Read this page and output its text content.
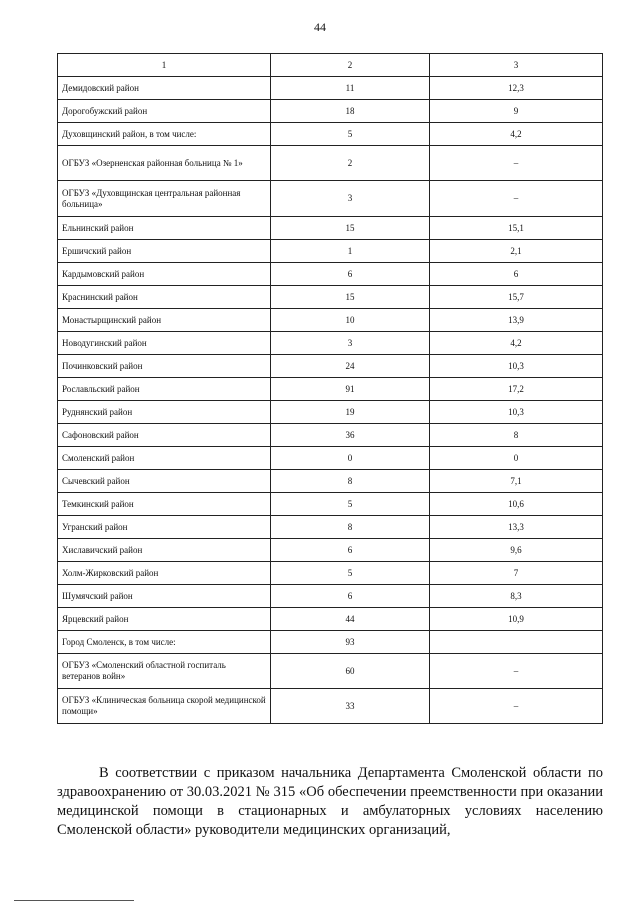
44
1	2	3
Демидовский район	11	12,3
Дорогобужский район	18	9
Духовщинский район, в том числе:	5	4,2
ОГБУЗ «Озерненская районная больница № 1»	2	–
ОГБУЗ «Духовщинская центральная районная больница»	3	–
Ельнинский район	15	15,1
Ершичский район	1	2,1
Кардымовский район	6	6
Краснинский район	15	15,7
Монастырщинский район	10	13,9
Новодугинский район	3	4,2
Починковский район	24	10,3
Рославльский район	91	17,2
Руднянский район	19	10,3
Сафоновский район	36	8
Смоленский район	0	0
Сычевский район	8	7,1
Темкинский район	5	10,6
Угранский район	8	13,3
Хиславичский район	6	9,6
Холм-Жирковский район	5	7
Шумячский район	6	8,3
Ярцевский район	44	10,9
Город Смоленск, в том числе:	93	
ОГБУЗ «Смоленский областной госпиталь ветеранов войн»	60	–
ОГБУЗ «Клиническая больница скорой медицинской помощи»	33	–

В соответствии с приказом начальника Департамента Смоленской области по здравоохранению от 30.03.2021 № 315 «Об обеспечении преемственности при оказании медицинской помощи в стационарных и амбулаторных условиях населению Смоленской области» руководители медицинских организаций,
